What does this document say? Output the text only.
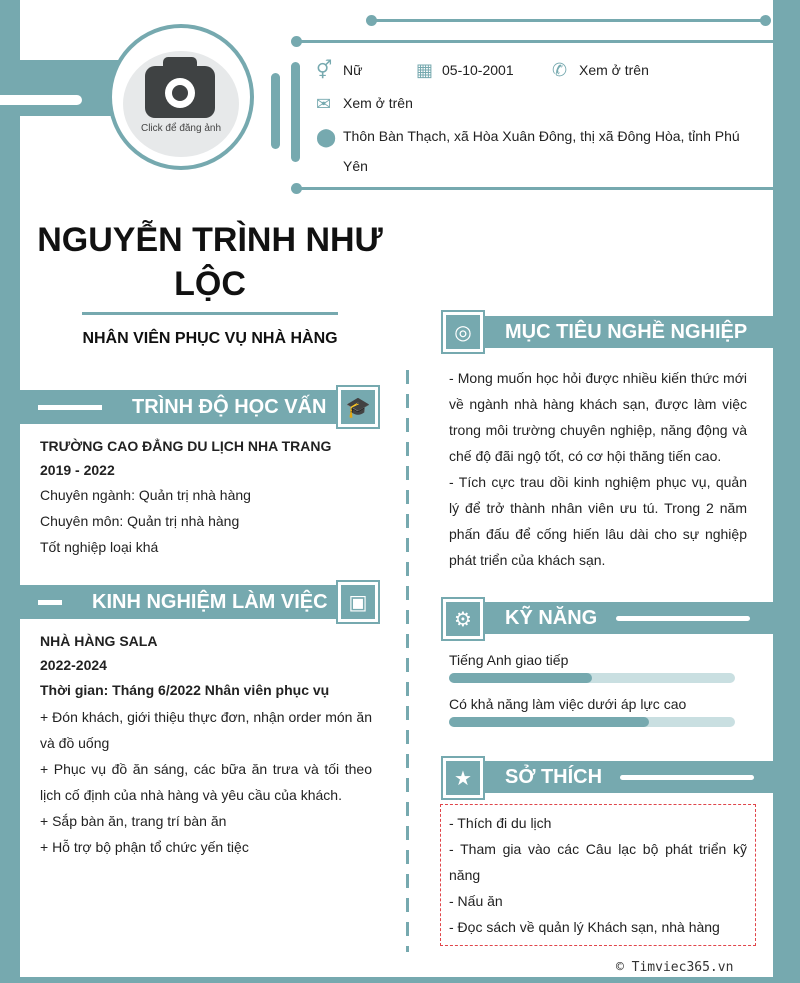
Click để đăng ảnh
⚥ Nữ	▦ 05-10-2001 ✆ Xem ở trên
✉ Xem ở trên
⬤ Thôn Bàn Thạch, xã Hòa Xuân Đông, thị xã Đông Hòa, tỉnh Phú Yên
NGUYỄN TRÌNH NHƯ LỘC
NHÂN VIÊN PHỤC VỤ NHÀ HÀNG
TRÌNH ĐỘ HỌC VẤN 🎓
TRƯỜNG CAO ĐẲNG DU LỊCH NHA TRANG
2019 - 2022
Chuyên ngành: Quản trị nhà hàng
Chuyên môn: Quản trị nhà hàng
Tốt nghiệp loại khá
KINH NGHIỆM LÀM VIỆC	▣
NHÀ HÀNG SALA
2022-2024
Thời gian: Tháng 6/2022 Nhân viên phục vụ
+ Đón khách, giới thiệu thực đơn, nhận order món ăn và đồ uống
+ Phục vụ đồ ăn sáng, các bữa ăn trưa và tối theo lịch cố định của nhà hàng và yêu cầu của khách.
+ Sắp bàn ăn, trang trí bàn ăn
+ Hỗ trợ bộ phận tổ chức yến tiệc
MỤC TIÊU NGHỀ NGHIỆP
◎
- Mong muốn học hỏi được nhiều kiến thức mới về ngành nhà hàng khách sạn, được làm việc trong môi trường chuyên nghiệp, năng động và chế độ đãi ngộ tốt, có cơ hội thăng tiến cao.
- Tích cực trau dồi kinh nghiệm phục vụ, quản lý để trở thành nhân viên ưu tú. Trong 2 năm phấn đấu để cống hiến lâu dài cho sự nghiệp phát triển của khách sạn.
KỸ NĂNG
⚙
Tiếng Anh giao tiếp
Có khả năng làm việc dưới áp lực cao
SỞ THÍCH
★
- Thích đi du lịch
- Tham gia vào các Câu lạc bộ phát triển kỹ năng
- Nấu ăn
- Đọc sách về quản lý Khách sạn, nhà hàng
© Timviec365.vn
